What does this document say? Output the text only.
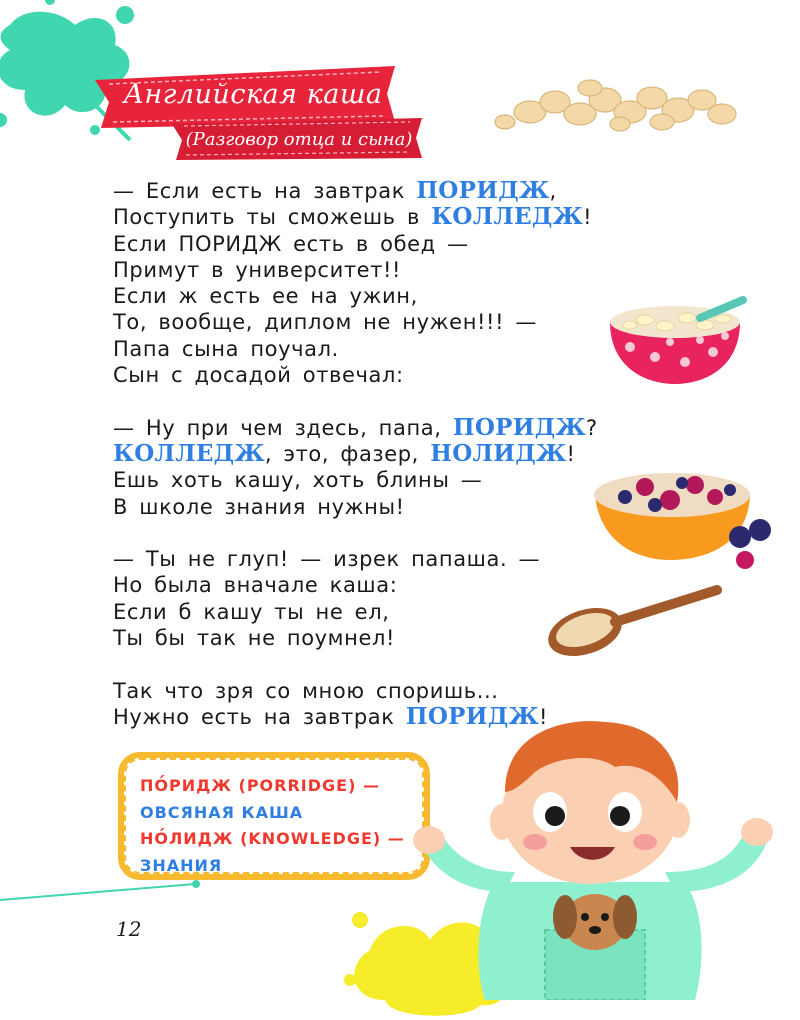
Английская каша
(Разговор отца и сына)
— Если есть на завтрак ПОРИДЖ,
Поступить ты сможешь в КОЛЛЕДЖ!
Если ПОРИДЖ есть в обед —
Примут в университет!!
Если ж есть ее на ужин,
То, вообще, диплом не нужен!!! —
Папа сына поучал.
Сын с досадой отвечал:
— Ну при чем здесь, папа, ПОРИДЖ?
КОЛЛЕДЖ, это, фазер, НОЛИДЖ!
Ешь хоть кашу, хоть блины —
В школе знания нужны!
— Ты не глуп! — изрек папаша. —
Но была вначале каша:
Если б кашу ты не ел,
Ты бы так не поумнел!
Так что зря со мною споришь...
Нужно есть на завтрак ПОРИДЖ!
ПО́РИДЖ (PORRIDGE) —
ОВСЯНАЯ КАША
НО́ЛИДЖ (KNOWLEDGE) —
ЗНАНИЯ
12
